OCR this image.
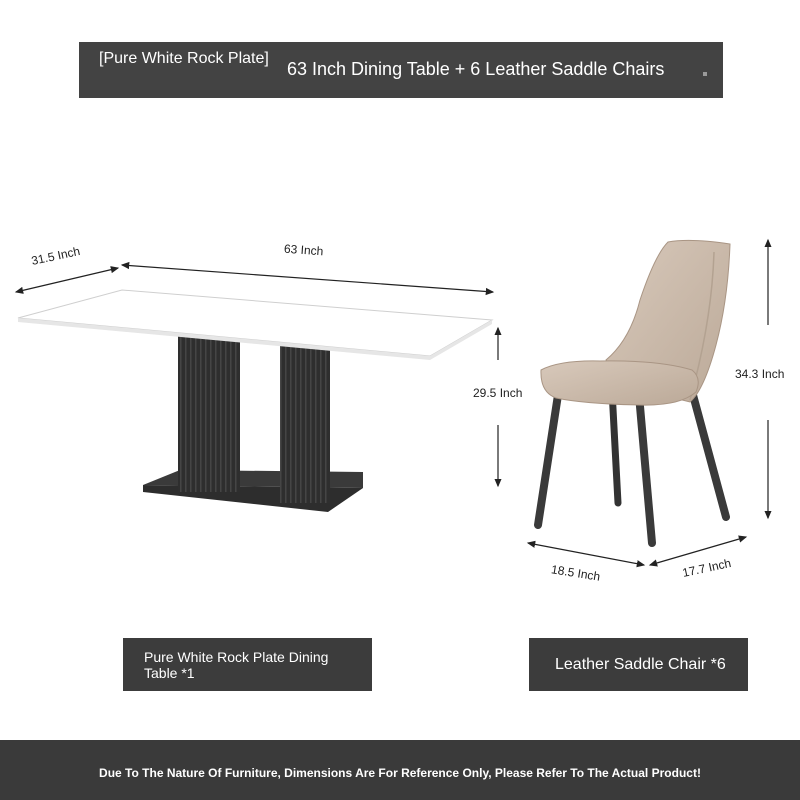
[Pure White Rock Plate]
63 Inch Dining Table + 6 Leather Saddle Chairs
31.5 Inch	63 Inch
29.5 Inch
34.3 Inch
18.5 Inch	17.7 Inch
Pure White Rock Plate Dining Table *1	Leather Saddle Chair *6
Due To The Nature Of Furniture, Dimensions Are For Reference Only, Please Refer To The Actual Product!
